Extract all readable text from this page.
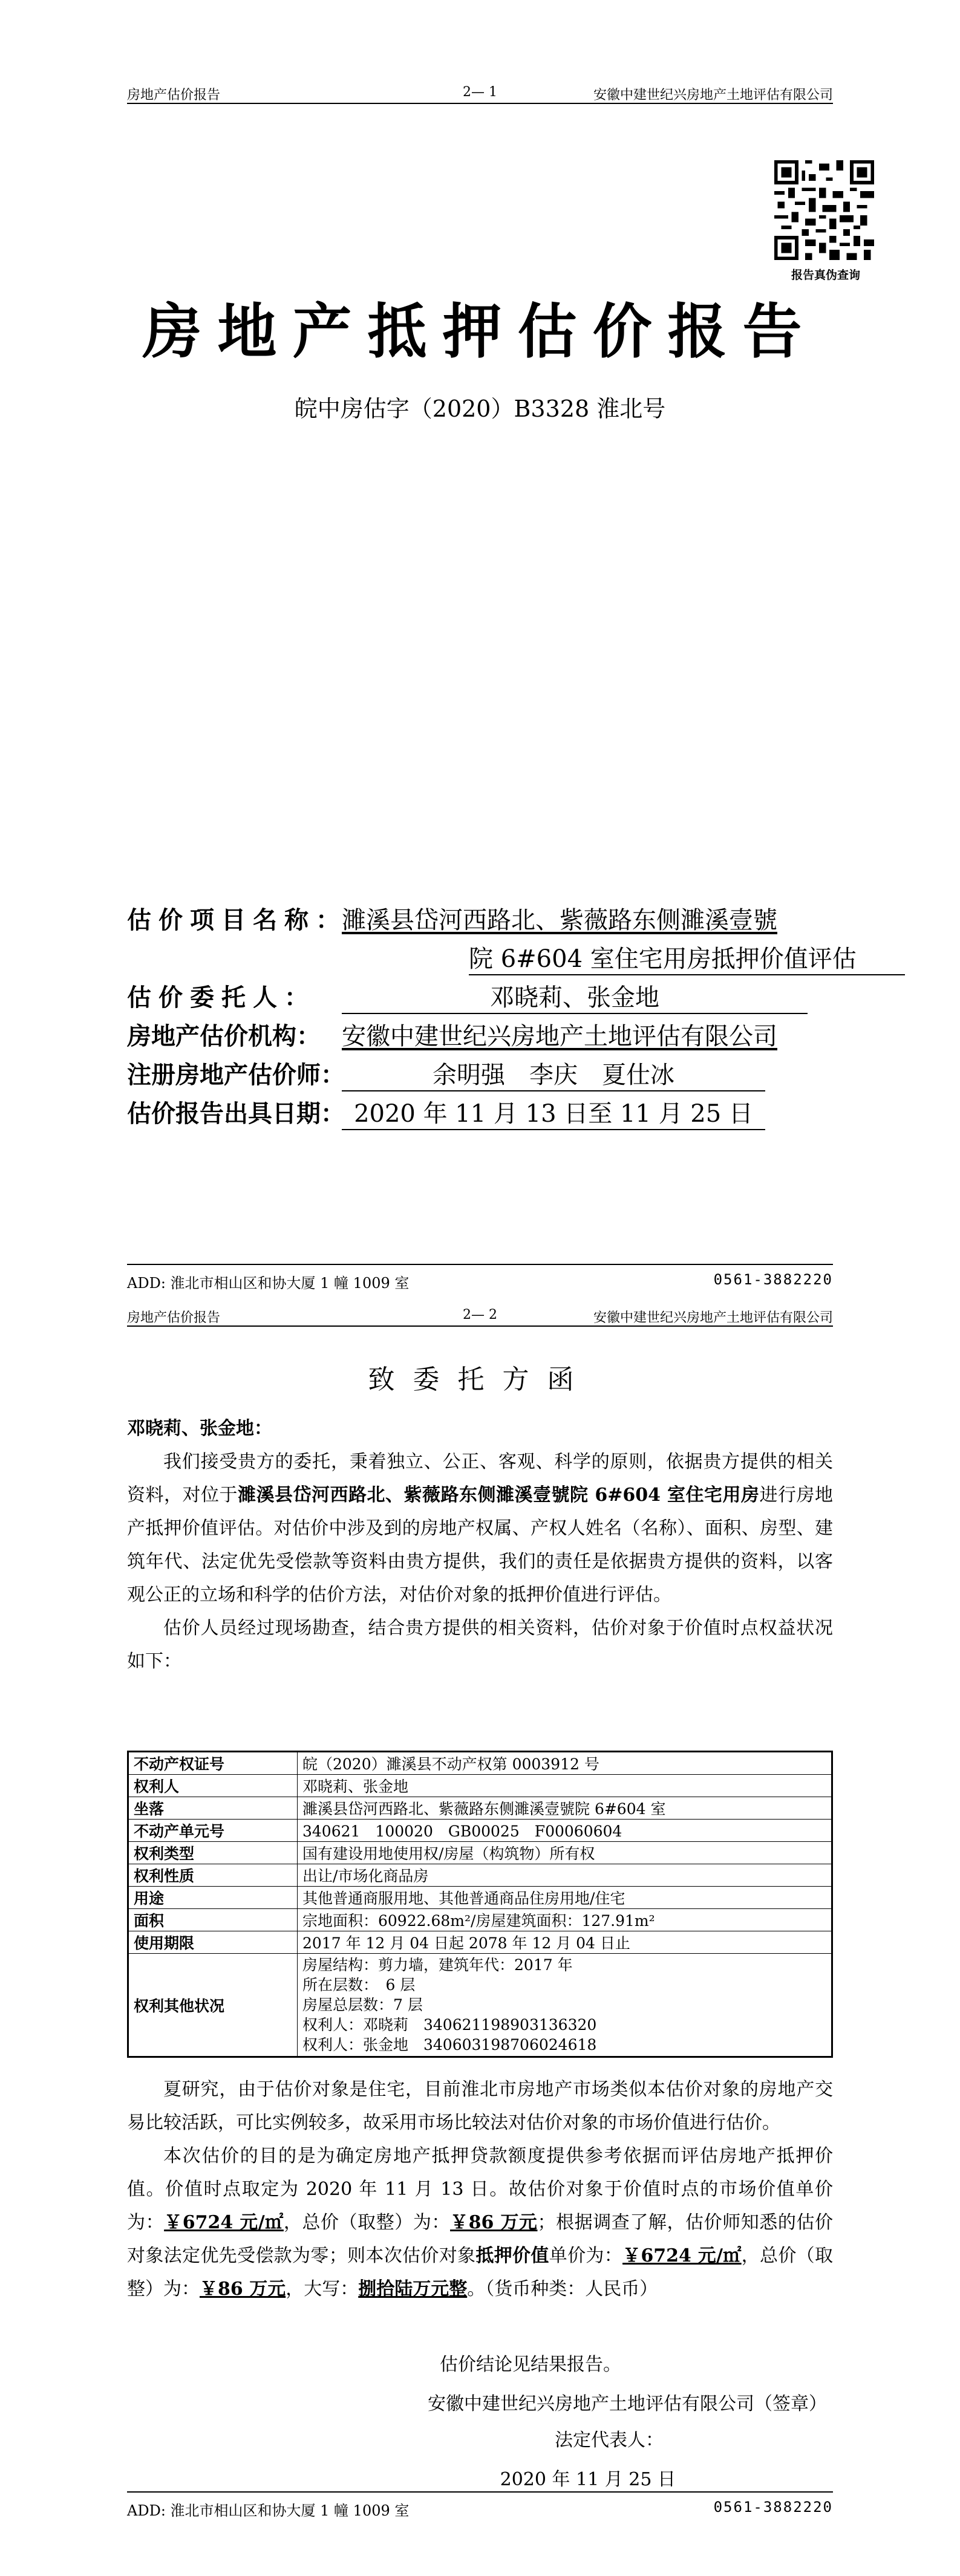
房地产估价报告	2— 1	安徽中建世纪兴房地产土地评估有限公司
报告真伪查询
房地产抵押估价报告
皖中房估字（2020）B3328 淮北号
估价项目名称：
濉溪县岱河西路北、紫薇路东侧濉溪壹號
院 6#604 室住宅用房抵押价值评估
估价委托人：	邓晓莉、张金地
房地产估价机构： 安徽中建世纪兴房地产土地评估有限公司
注册房地产估价师：	余明强　李庆　夏仕冰
估价报告出具日期： 2020 年 11 月 13 日至 11 月 25 日
ADD: 淮北市相山区和协大厦 1 幢 1009 室	0561-3882220
房地产估价报告	2— 2	安徽中建世纪兴房地产土地评估有限公司
致委托方函

邓晓莉、张金地：

我们接受贵方的委托，秉着独立、公正、客观、科学的原则，依据贵方提供的相关资料，对位于濉溪县岱河西路北、紫薇路东侧濉溪壹號院 6#604 室住宅用房进行房地产抵押价值评估。对估价中涉及到的房地产权属、产权人姓名（名称）、面积、房型、建筑年代、法定优先受偿款等资料由贵方提供，我们的责任是依据贵方提供的资料，以客观公正的立场和科学的估价方法，对估价对象的抵押价值进行评估。

估价人员经过现场勘查，结合贵方提供的相关资料，估价对象于价值时点权益状况如下：

不动产权证号	皖（2020）濉溪县不动产权第 0003912 号
权利人	邓晓莉、张金地
坐落	濉溪县岱河西路北、紫薇路东侧濉溪壹號院 6#604 室
不动产单元号	340621　100020　GB00025　F00060604
权利类型	国有建设用地使用权/房屋（构筑物）所有权
权利性质	出让/市场化商品房
用途	其他普通商服用地、其他普通商品住房用地/住宅
面积	宗地面积：60922.68m²/房屋建筑面积：127.91m²
使用期限	2017 年 12 月 04 日起 2078 年 12 月 04 日止
权利其他状况	房屋结构：剪力墙，建筑年代：2017 年
所在层数：　6 层
房屋总层数：7 层
权利人：邓晓莉　340621198903136320
权利人：张金地　340603198706024618

夏研究，由于估价对象是住宅，目前淮北市房地产市场类似本估价对象的房地产交易比较活跃，可比实例较多，故采用市场比较法对估价对象的市场价值进行估价。

本次估价的目的是为确定房地产抵押贷款额度提供参考依据而评估房地产抵押价值。价值时点取定为 2020 年 11 月 13 日。故估价对象于价值时点的市场价值单价为：￥6724 元/㎡，总价（取整）为：￥86 万元；根据调查了解，估价师知悉的估价对象法定优先受偿款为零；则本次估价对象抵押价值单价为：￥6724 元/㎡，总价（取整）为：￥86 万元，大写：捌拾陆万元整。（货币种类：人民币）

估价结论见结果报告。
安徽中建世纪兴房地产土地评估有限公司（签章）
法定代表人：
2020 年 11 月 25 日
ADD: 淮北市相山区和协大厦 1 幢 1009 室	0561-3882220
